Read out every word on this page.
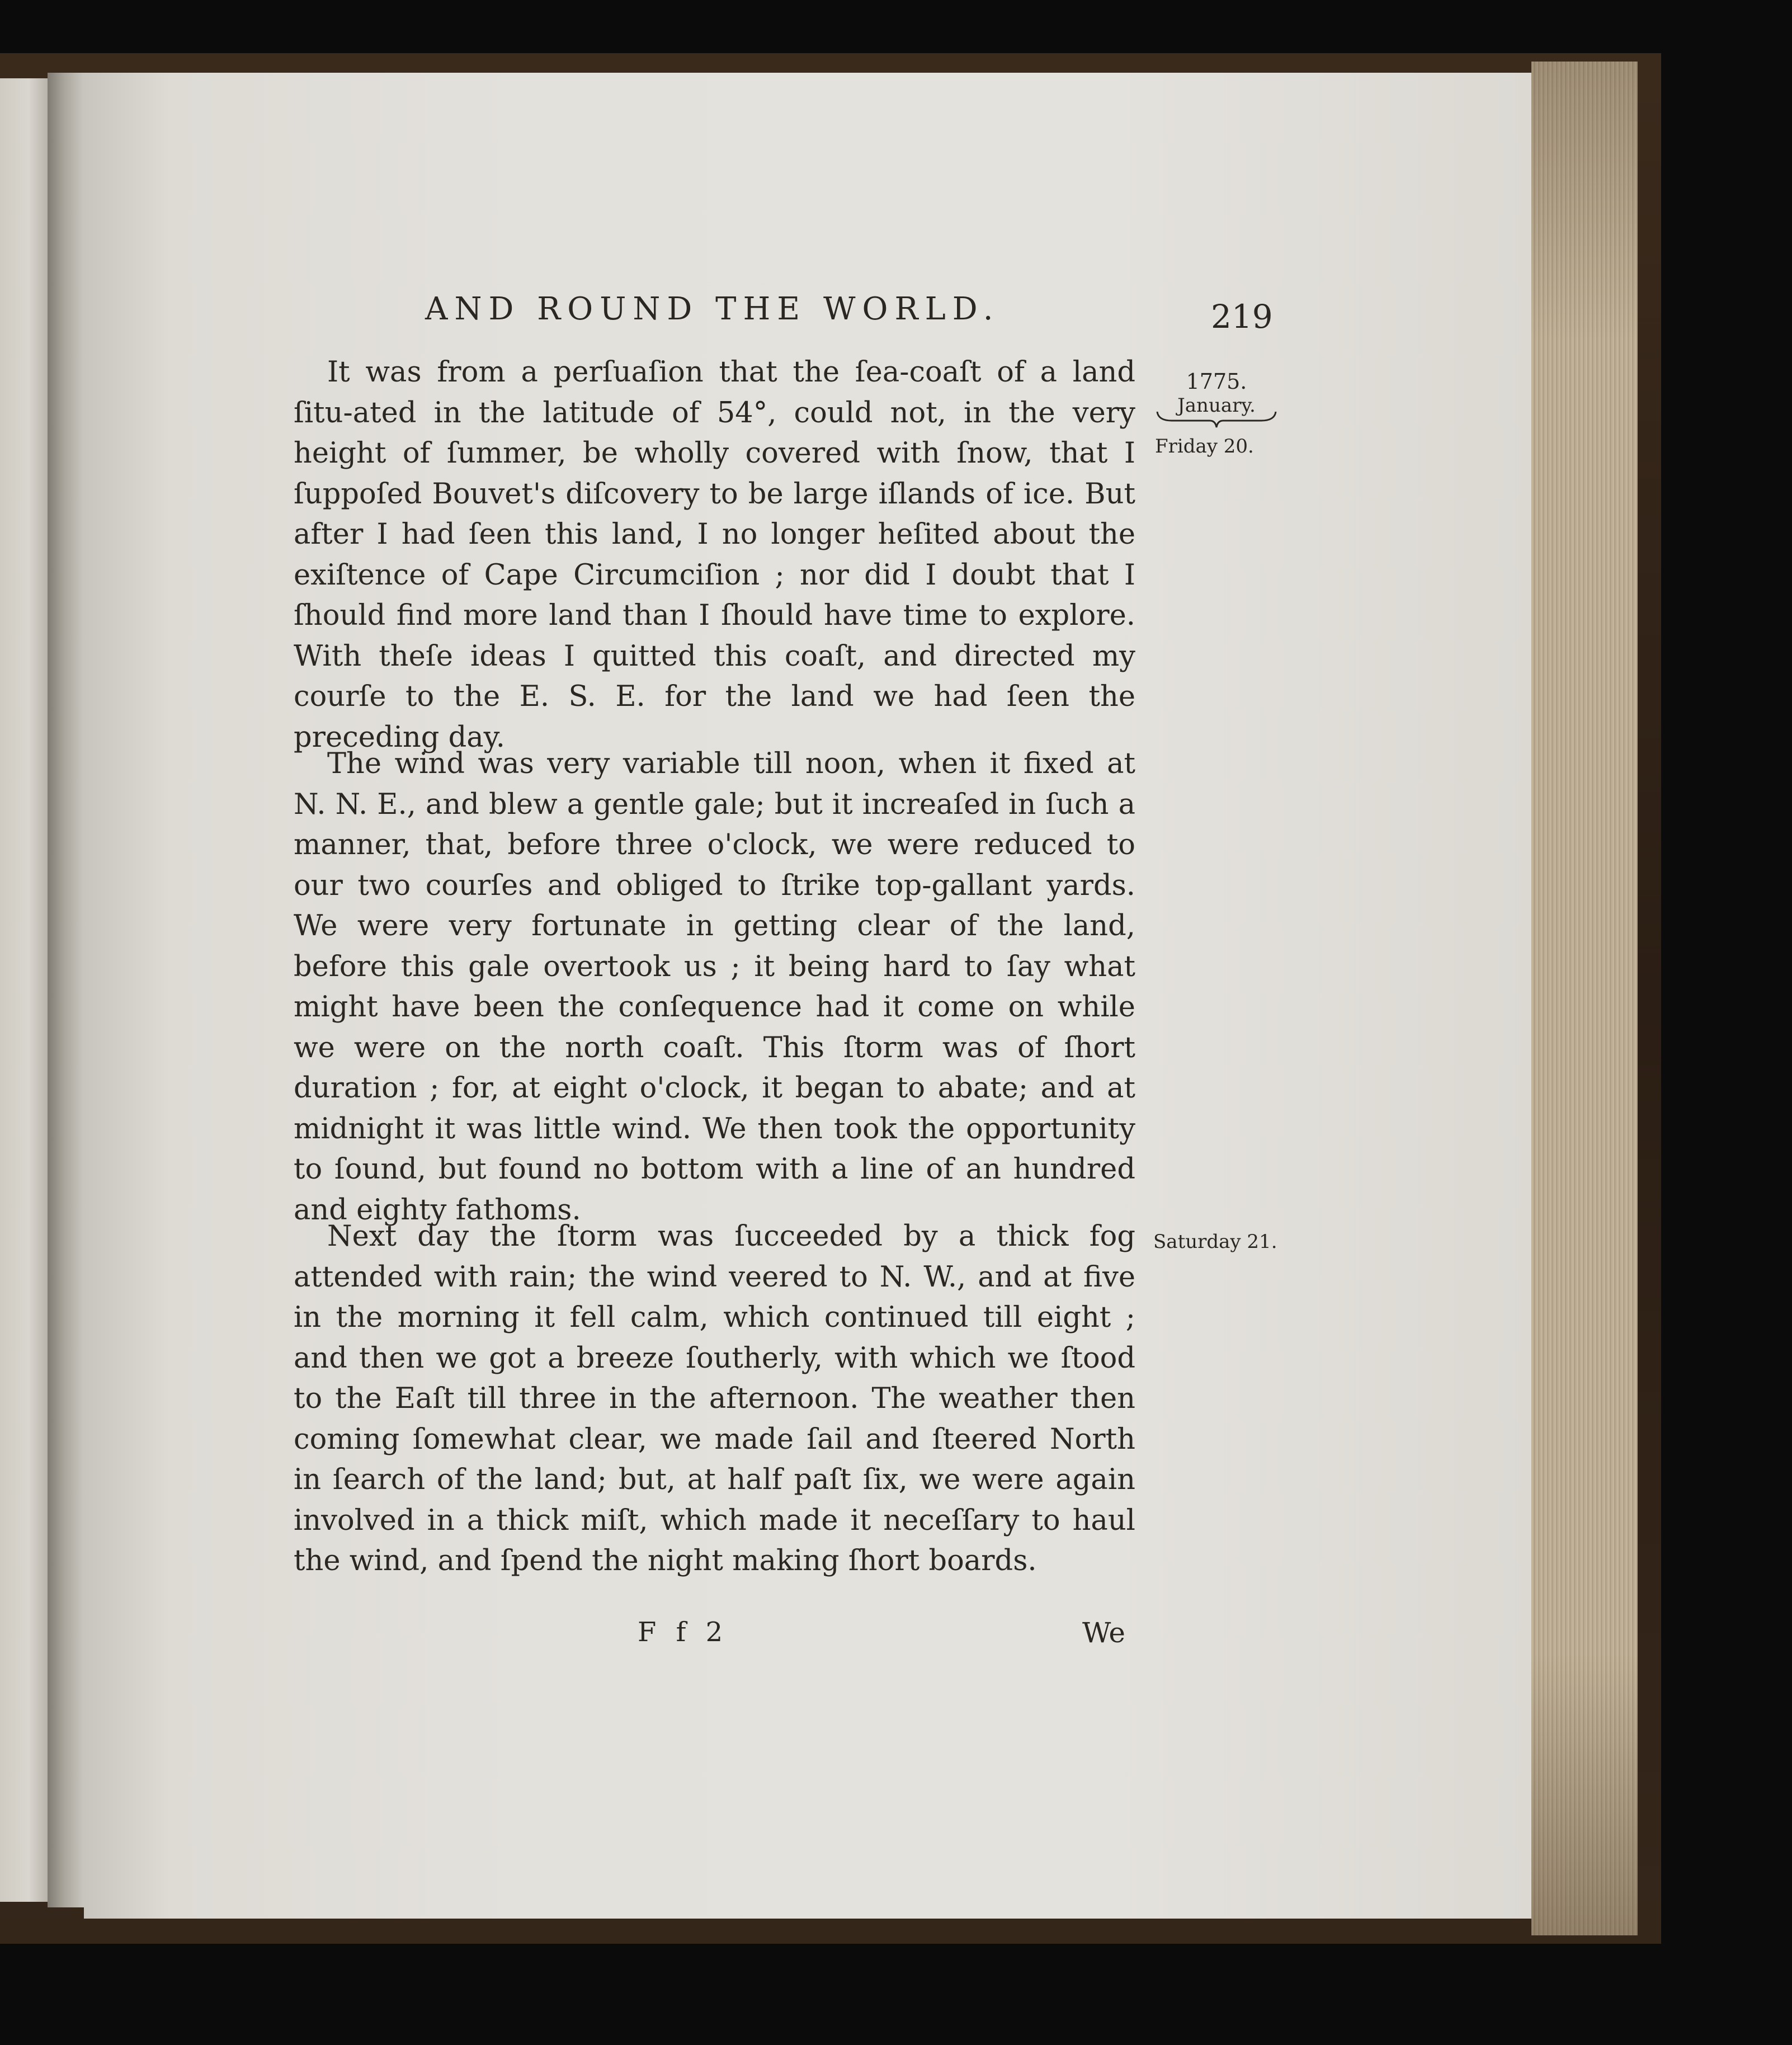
AND ROUND THE WORLD.	219
1775.
January.
Friday 20.
Saturday 21.

It was from a perſuaſion that the ſea-coaſt of a land ſitu-ated in the latitude of 54°, could not, in the very height of ſummer, be wholly covered with ſnow, that I ſuppoſed Bouvet's diſcovery to be large iſlands of ice. But after I had ſeen this land, I no longer heſited about the exiſtence of Cape Circumciſion ; nor did I doubt that I ſhould find more land than I ſhould have time to explore. With theſe ideas I quitted this coaſt, and directed my courſe to the E. S. E. for the land we had ſeen the preceding day.

The wind was very variable till noon, when it fixed at N. N. E., and blew a gentle gale; but it increaſed in ſuch a manner, that, before three o'clock, we were reduced to our two courſes and obliged to ſtrike top-gallant yards. We were very fortunate in getting clear of the land, before this gale overtook us ; it being hard to ſay what might have been the conſequence had it come on while we were on the north coaſt. This ſtorm was of ſhort duration ; for, at eight o'clock, it began to abate; and at midnight it was little wind. We then took the opportunity to ſound, but found no bottom with a line of an hundred and eighty fathoms.

Next day the ſtorm was ſucceeded by a thick fog attended with rain; the wind veered to N. W., and at five in the morning it fell calm, which continued till eight ; and then we got a breeze ſoutherly, with which we ſtood to the Eaſt till three in the afternoon. The weather then coming ſomewhat clear, we made ſail and ſteered North in ſearch of the land; but, at half paſt ſix, we were again involved in a thick miſt, which made it neceſſary to haul the wind, and ſpend the night making ſhort boards.

F f 2	We
